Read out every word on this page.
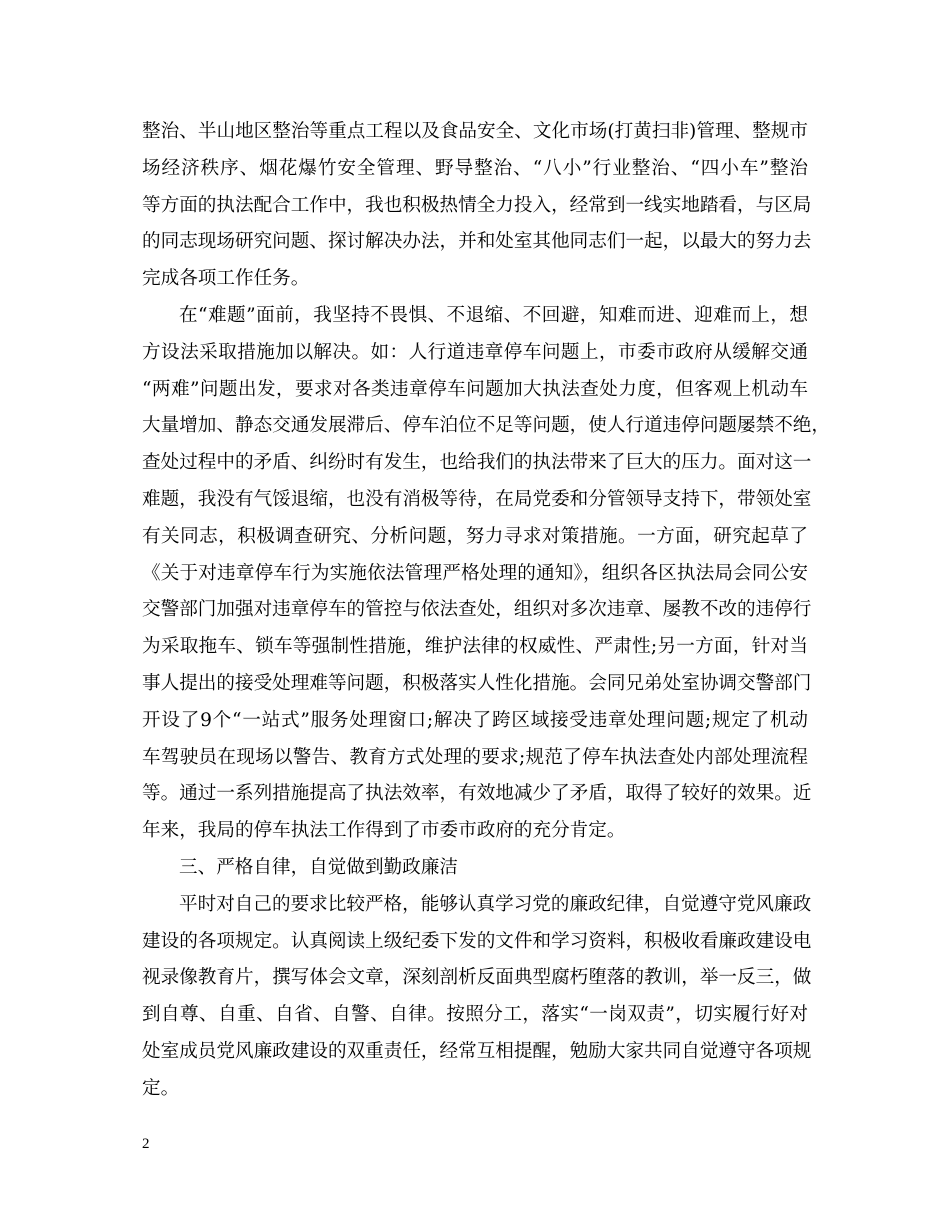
整治、半山地区整治等重点工程以及食品安全、文化市场(打黄扫非)管理、整规市
场经济秩序、烟花爆竹安全管理、野导整治、“八小”行业整治、“四小车”整治
等方面的执法配合工作中，我也积极热情全力投入，经常到一线实地踏看，与区局
的同志现场研究问题、探讨解决办法，并和处室其他同志们一起，以最大的努力去
完成各项工作任务。
在“难题”面前，我坚持不畏惧、不退缩、不回避，知难而进、迎难而上，想
方设法采取措施加以解决。如：人行道违章停车问题上，市委市政府从缓解交通
“两难”问题出发，要求对各类违章停车问题加大执法查处力度，但客观上机动车
大量增加、静态交通发展滞后、停车泊位不足等问题，使人行道违停问题屡禁不绝，
查处过程中的矛盾、纠纷时有发生，也给我们的执法带来了巨大的压力。面对这一
难题，我没有气馁退缩，也没有消极等待，在局党委和分管领导支持下，带领处室
有关同志，积极调查研究、分析问题，努力寻求对策措施。一方面，研究起草了
《关于对违章停车行为实施依法管理严格处理的通知》，组织各区执法局会同公安
交警部门加强对违章停车的管控与依法查处，组织对多次违章、屡教不改的违停行
为采取拖车、锁车等强制性措施，维护法律的权威性、严肃性;另一方面，针对当
事人提出的接受处理难等问题，积极落实人性化措施。会同兄弟处室协调交警部门
开设了9个“一站式”服务处理窗口;解决了跨区域接受违章处理问题;规定了机动
车驾驶员在现场以警告、教育方式处理的要求;规范了停车执法查处内部处理流程
等。通过一系列措施提高了执法效率，有效地减少了矛盾，取得了较好的效果。近
年来，我局的停车执法工作得到了市委市政府的充分肯定。
三、严格自律，自觉做到勤政廉洁
平时对自己的要求比较严格，能够认真学习党的廉政纪律，自觉遵守党风廉政
建设的各项规定。认真阅读上级纪委下发的文件和学习资料，积极收看廉政建设电
视录像教育片，撰写体会文章，深刻剖析反面典型腐朽堕落的教训，举一反三，做
到自尊、自重、自省、自警、自律。按照分工，落实“一岗双责”，切实履行好对
处室成员党风廉政建设的双重责任，经常互相提醒，勉励大家共同自觉遵守各项规
定。
2
